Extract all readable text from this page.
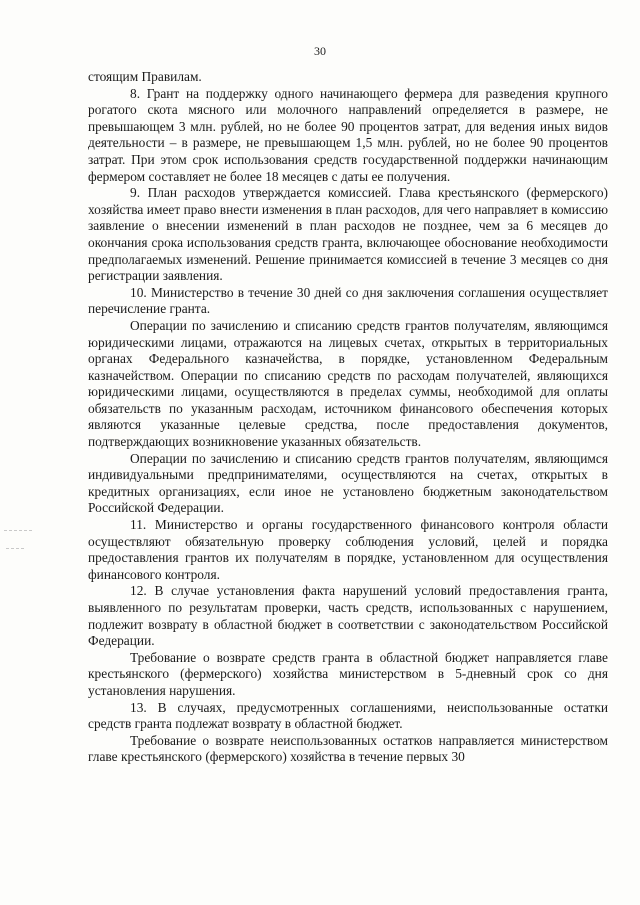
30

стоящим Правилам.

8. Грант на поддержку одного начинающего фермера для разведения крупного рогатого скота мясного или молочного направлений определяется в размере, не превышающем 3 млн. рублей, но не более 90 процентов затрат, для ведения иных видов деятельности – в размере, не превышающем 1,5 млн. рублей, но не более 90 процентов затрат. При этом срок использования средств государственной поддержки начинающим фермером составляет не более 18 месяцев с даты ее получения.

9. План расходов утверждается комиссией. Глава крестьянского (фермерского) хозяйства имеет право внести изменения в план расходов, для чего направляет в комиссию заявление о внесении изменений в план расходов не позднее, чем за 6 месяцев до окончания срока использования средств гранта, включающее обоснование необходимости предполагаемых изменений. Решение принимается комиссией в течение 3 месяцев со дня регистрации заявления.

10. Министерство в течение 30 дней со дня заключения соглашения осуществляет перечисление гранта.

Операции по зачислению и списанию средств грантов получателям, являющимся юридическими лицами, отражаются на лицевых счетах, открытых в территориальных органах Федерального казначейства, в порядке, установленном Федеральным казначейством. Операции по списанию средств по расходам получателей, являющихся юридическими лицами, осуществляются в пределах суммы, необходимой для оплаты обязательств по указанным расходам, источником финансового обеспечения которых являются указанные целевые средства, после предоставления документов, подтверждающих возникновение указанных обязательств.

Операции по зачислению и списанию средств грантов получателям, являющимся индивидуальными предпринимателями, осуществляются на счетах, открытых в кредитных организациях, если иное не установлено бюджетным законодательством Российской Федерации.

11. Министерство и органы государственного финансового контроля области осуществляют обязательную проверку соблюдения условий, целей и порядка предоставления грантов их получателям в порядке, установленном для осуществления финансового контроля.

12. В случае установления факта нарушений условий предоставления гранта, выявленного по результатам проверки, часть средств, использованных с нарушением, подлежит возврату в областной бюджет в соответствии с законодательством Российской Федерации.

Требование о возврате средств гранта в областной бюджет направляется главе крестьянского (фермерского) хозяйства министерством в 5-дневный срок со дня установления нарушения.

13. В случаях, предусмотренных соглашениями, неиспользованные остатки средств гранта подлежат возврату в областной бюджет.

Требование о возврате неиспользованных остатков направляется министерством главе крестьянского (фермерского) хозяйства в течение первых 30
